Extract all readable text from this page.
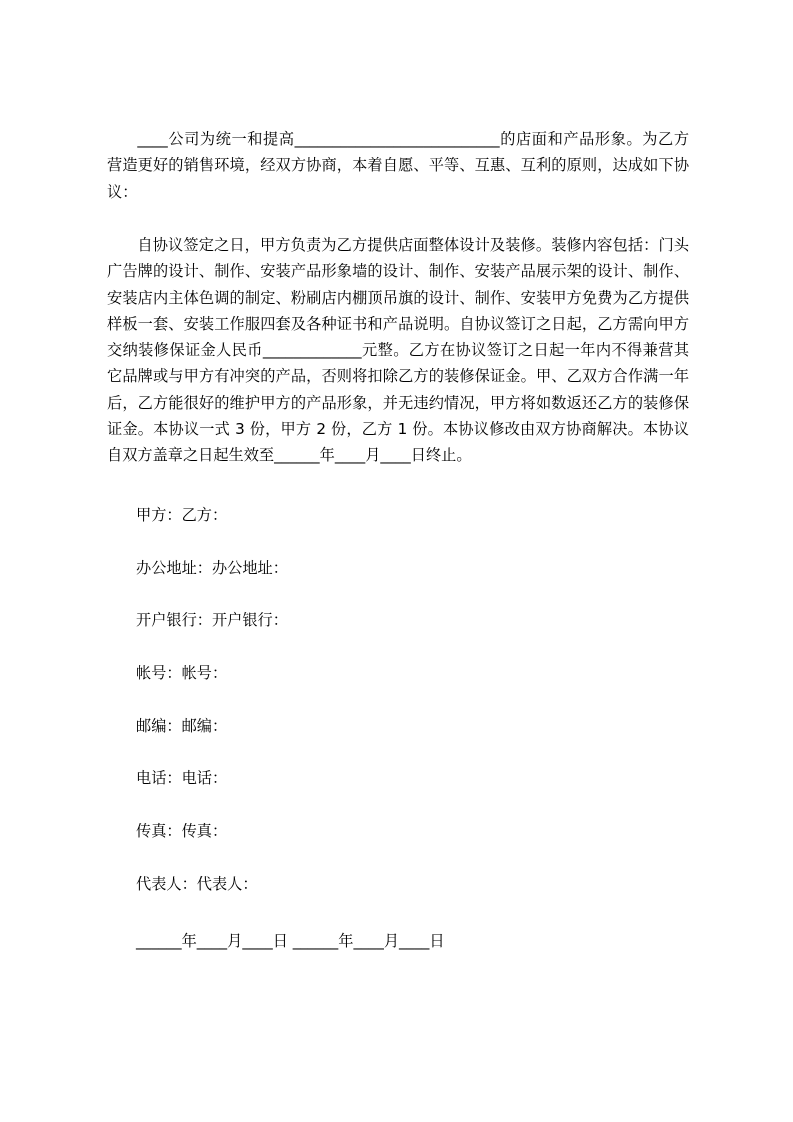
____公司为统一和提高___________________________的店面和产品形象。为乙方营造更好的销售环境，经双方协商，本着自愿、平等、互惠、互利的原则，达成如下协议：

自协议签定之日，甲方负责为乙方提供店面整体设计及装修。装修内容包括：门头广告牌的设计、制作、安装产品形象墙的设计、制作、安装产品展示架的设计、制作、安装店内主体色调的制定、粉刷店内棚顶吊旗的设计、制作、安装甲方免费为乙方提供样板一套、安装工作服四套及各种证书和产品说明。自协议签订之日起，乙方需向甲方交纳装修保证金人民币_____________元整。乙方在协议签订之日起一年内不得兼营其它品牌或与甲方有冲突的产品，否则将扣除乙方的装修保证金。甲、乙双方合作满一年后，乙方能很好的维护甲方的产品形象，并无违约情况，甲方将如数返还乙方的装修保证金。本协议一式 3 份，甲方 2 份，乙方 1 份。本协议修改由双方协商解决。本协议自双方盖章之日起生效至______年____月____日终止。

甲方：乙方：
办公地址：办公地址：
开户银行：开户银行：
帐号：帐号：
邮编：邮编：
电话：电话：
传真：传真：
代表人：代表人：
______年____月____日 ______年____月____日
